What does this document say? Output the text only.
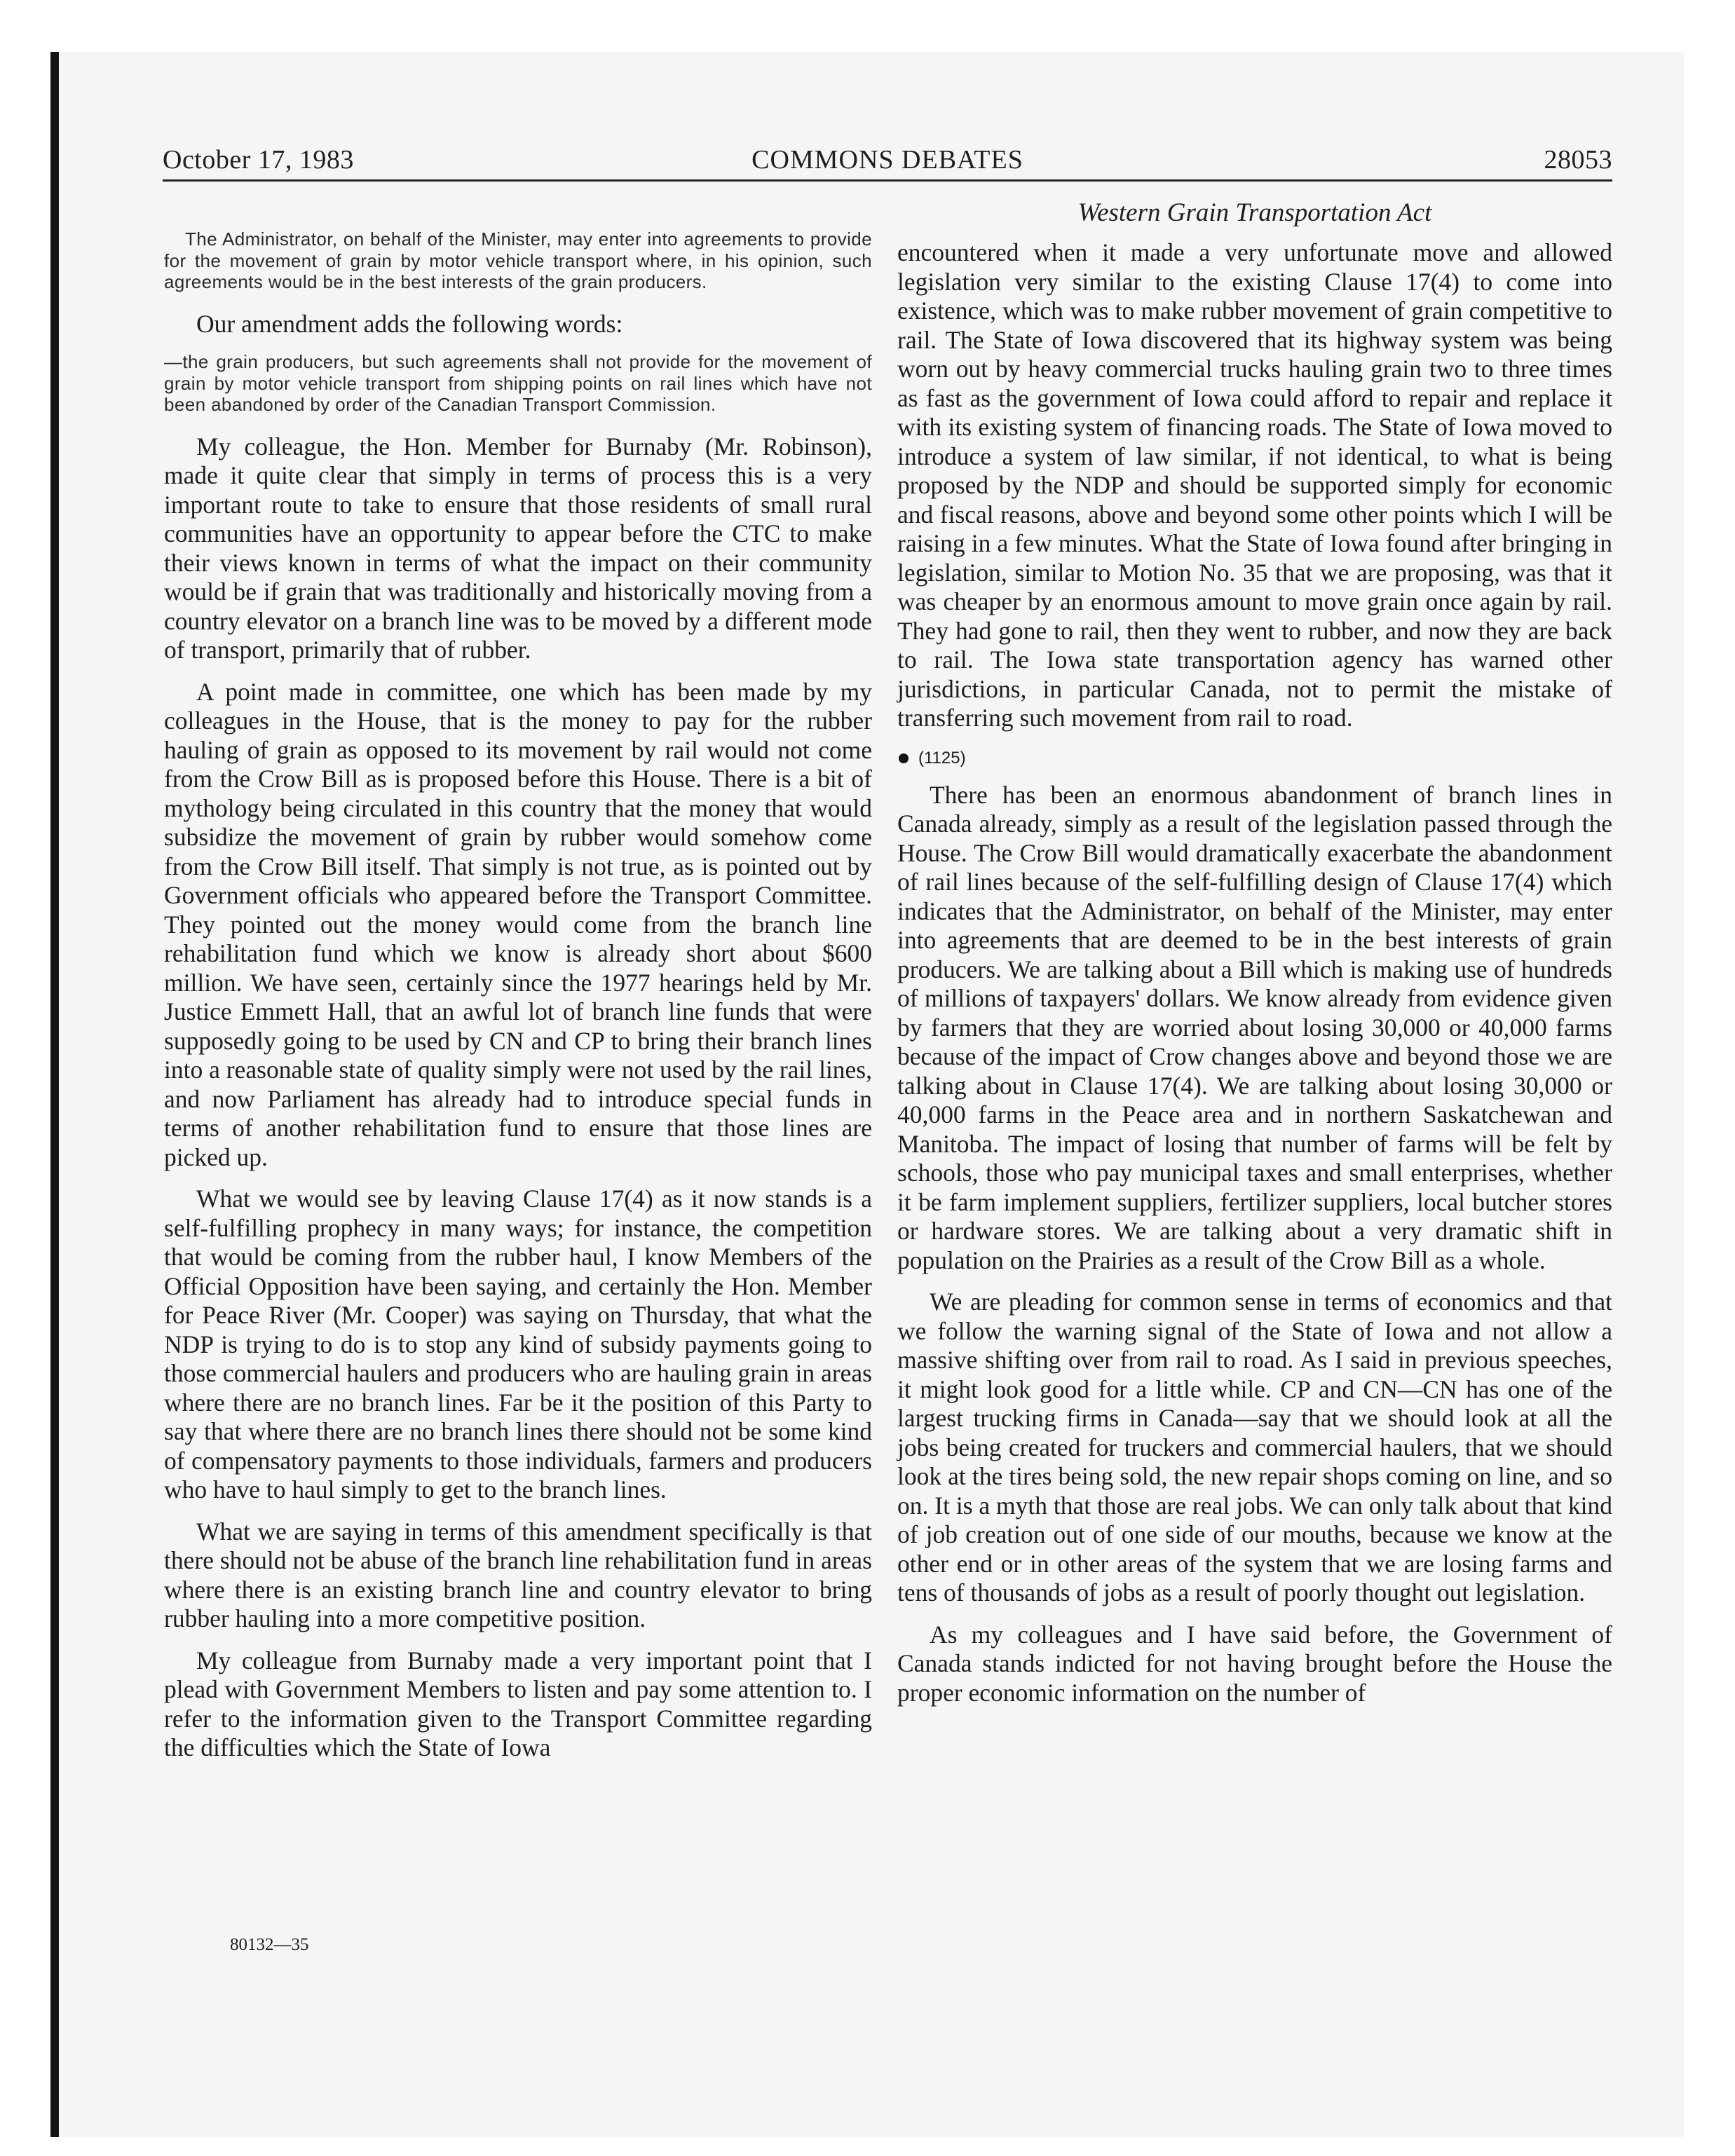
October 17, 1983	COMMONS DEBATES	28053

The Administrator, on behalf of the Minister, may enter into agreements to provide for the movement of grain by motor vehicle transport where, in his opinion, such agreements would be in the best interests of the grain producers.

Our amendment adds the following words:

—the grain producers, but such agreements shall not provide for the movement of grain by motor vehicle transport from shipping points on rail lines which have not been abandoned by order of the Canadian Transport Commission.

My colleague, the Hon. Member for Burnaby (Mr. Robinson), made it quite clear that simply in terms of process this is a very important route to take to ensure that those residents of small rural communities have an opportunity to appear before the CTC to make their views known in terms of what the impact on their community would be if grain that was traditionally and historically moving from a country elevator on a branch line was to be moved by a different mode of transport, primarily that of rubber.

A point made in committee, one which has been made by my colleagues in the House, that is the money to pay for the rubber hauling of grain as opposed to its movement by rail would not come from the Crow Bill as is proposed before this House. There is a bit of mythology being circulated in this country that the money that would subsidize the movement of grain by rubber would somehow come from the Crow Bill itself. That simply is not true, as is pointed out by Government officials who appeared before the Transport Committee. They pointed out the money would come from the branch line rehabilitation fund which we know is already short about $600 million. We have seen, certainly since the 1977 hearings held by Mr. Justice Emmett Hall, that an awful lot of branch line funds that were supposedly going to be used by CN and CP to bring their branch lines into a reasonable state of quality simply were not used by the rail lines, and now Parliament has already had to introduce special funds in terms of another rehabilitation fund to ensure that those lines are picked up.

What we would see by leaving Clause 17(4) as it now stands is a self-fulfilling prophecy in many ways; for instance, the competition that would be coming from the rubber haul, I know Members of the Official Opposition have been saying, and certainly the Hon. Member for Peace River (Mr. Cooper) was saying on Thursday, that what the NDP is trying to do is to stop any kind of subsidy payments going to those commercial haulers and producers who are hauling grain in areas where there are no branch lines. Far be it the position of this Party to say that where there are no branch lines there should not be some kind of compensatory payments to those individuals, farmers and producers who have to haul simply to get to the branch lines.

What we are saying in terms of this amendment specifically is that there should not be abuse of the branch line rehabilitation fund in areas where there is an existing branch line and country elevator to bring rubber hauling into a more competitive position.

My colleague from Burnaby made a very important point that I plead with Government Members to listen and pay some attention to. I refer to the information given to the Transport Committee regarding the difficulties which the State of Iowa

Western Grain Transportation Act

encountered when it made a very unfortunate move and allowed legislation very similar to the existing Clause 17(4) to come into existence, which was to make rubber movement of grain competitive to rail. The State of Iowa discovered that its highway system was being worn out by heavy commercial trucks hauling grain two to three times as fast as the government of Iowa could afford to repair and replace it with its existing system of financing roads. The State of Iowa moved to introduce a system of law similar, if not identical, to what is being proposed by the NDP and should be supported simply for economic and fiscal reasons, above and beyond some other points which I will be raising in a few minutes. What the State of Iowa found after bringing in legislation, similar to Motion No. 35 that we are proposing, was that it was cheaper by an enormous amount to move grain once again by rail. They had gone to rail, then they went to rubber, and now they are back to rail. The Iowa state transportation agency has warned other jurisdictions, in particular Canada, not to permit the mistake of transferring such movement from rail to road.

(1125)

There has been an enormous abandonment of branch lines in Canada already, simply as a result of the legislation passed through the House. The Crow Bill would dramatically exacerbate the abandonment of rail lines because of the self-fulfilling design of Clause 17(4) which indicates that the Administrator, on behalf of the Minister, may enter into agreements that are deemed to be in the best interests of grain producers. We are talking about a Bill which is making use of hundreds of millions of taxpayers' dollars. We know already from evidence given by farmers that they are worried about losing 30,000 or 40,000 farms because of the impact of Crow changes above and beyond those we are talking about in Clause 17(4). We are talking about losing 30,000 or 40,000 farms in the Peace area and in northern Saskatchewan and Manitoba. The impact of losing that number of farms will be felt by schools, those who pay municipal taxes and small enterprises, whether it be farm implement suppliers, fertilizer suppliers, local butcher stores or hardware stores. We are talking about a very dramatic shift in population on the Prairies as a result of the Crow Bill as a whole.

We are pleading for common sense in terms of economics and that we follow the warning signal of the State of Iowa and not allow a massive shifting over from rail to road. As I said in previous speeches, it might look good for a little while. CP and CN—CN has one of the largest trucking firms in Canada—say that we should look at all the jobs being created for truckers and commercial haulers, that we should look at the tires being sold, the new repair shops coming on line, and so on. It is a myth that those are real jobs. We can only talk about that kind of job creation out of one side of our mouths, because we know at the other end or in other areas of the system that we are losing farms and tens of thousands of jobs as a result of poorly thought out legislation.

As my colleagues and I have said before, the Government of Canada stands indicted for not having brought before the House the proper economic information on the number of

80132—35
